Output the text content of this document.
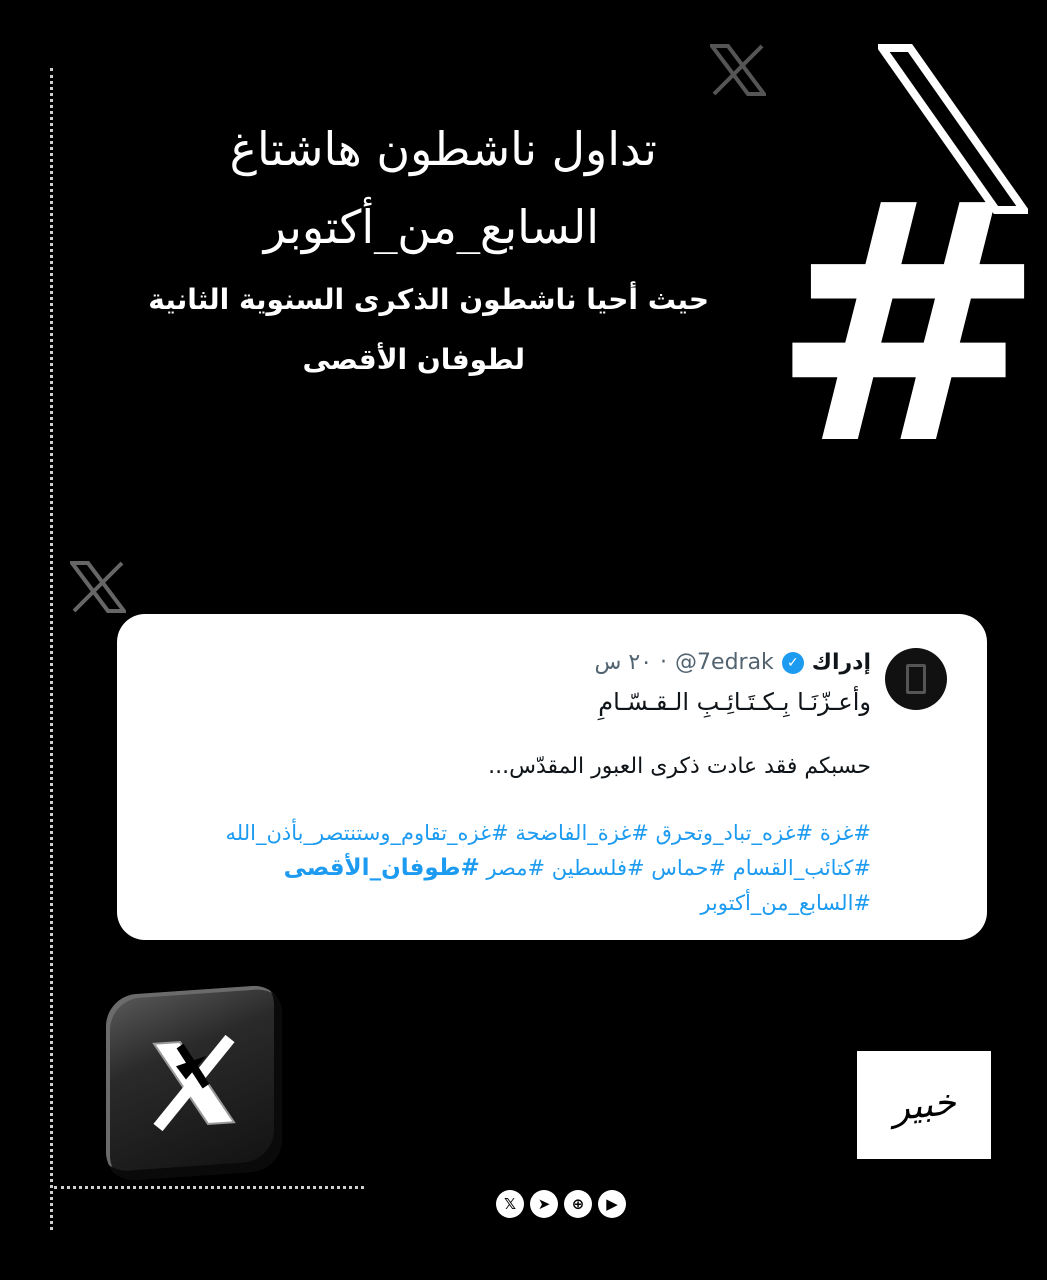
#
تداول ناشطون هاشتاغ
السابع_من_أكتوبر
حيث أحيا ناشطون الذكرى السنوية الثانية
لطوفان الأقصى
إدراك
✓
@7edrak
·
٢٠ س
وأعـزّنَـا بِـكـتَـائِـبِ الـقـسّـامِ
حسبكم فقد عادت ذكرى العبور المقدّس...
#غزة #غزه_تباد_وتحرق #غزة_الفاضحة #غزه_تقاوم_وستنتصر_بأذن_الله
#كتائب_القسام #حماس #فلسطين #مصر #طوفان_الأقصى
#السابع_من_أكتوبر
خبير
𝕏	➤	⊕	▶
